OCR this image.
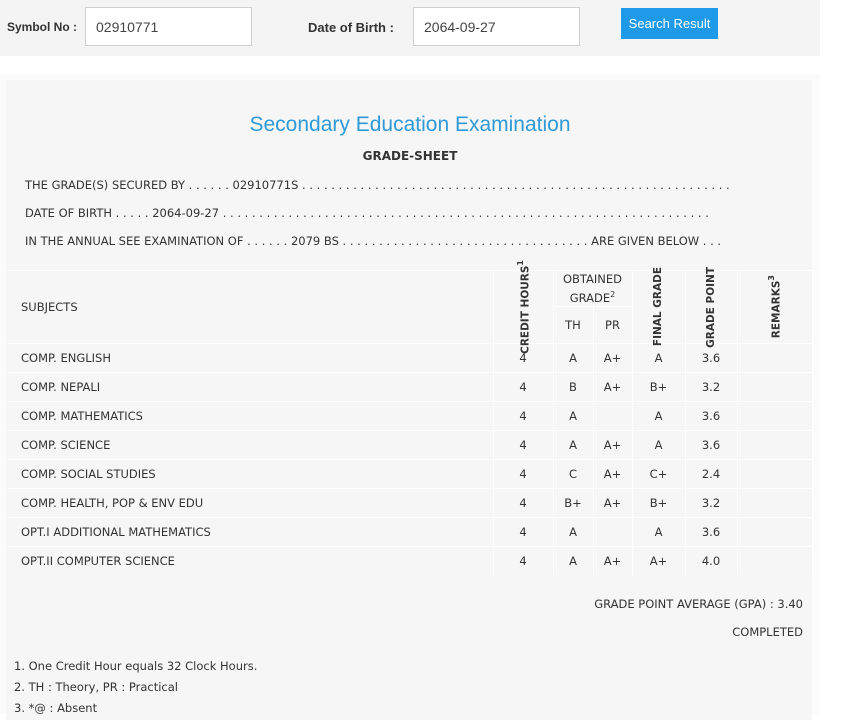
Symbol No :
02910771	Date of Birth :
2064-09-27	Search Result
Secondary Education Examination
GRADE-SHEET
THE GRADE(S) SECURED BY . . . . . . 02910771S . . . . . . . . . . . . . . . . . . . . . . . . . . . . . . . . . . . . . . . . . . . . . . . . . . . . . . . . . . .
DATE OF BIRTH . . . . . 2064-09-27 . . . . . . . . . . . . . . . . . . . . . . . . . . . . . . . . . . . . . . . . . . . . . . . . . . . . . . . . . . . . . . . . . . .
IN THE ANNUAL SEE EXAMINATION OF . . . . . . 2079 BS . . . . . . . . . . . . . . . . . . . . . . . . . . . . . . . . . . ARE GIVEN BELOW . . .
SUBJECTS	CREDIT HOURS$^1$	OBTAINED GRADE$^2$		FINAL GRADE	GRADE POINT	REMARKS$^3$

		TH	PR			
COMP. ENGLISH	4	A	A+	A	3.6	
COMP. NEPALI	4	B	A+	B+	3.2	
COMP. MATHEMATICS	4	A		A	3.6	
COMP. SCIENCE	4	A	A+	A	3.6	
COMP. SOCIAL STUDIES	4	C	A+	C+	2.4	
COMP. HEALTH, POP & ENV EDU	4	B+	A+	B+	3.2	
OPT.I ADDITIONAL MATHEMATICS	4	A		A	3.6	
OPT.II COMPUTER SCIENCE	4	A	A+	A+	4.0	
GRADE POINT AVERAGE (GPA) : 3.40
COMPLETED
1. One Credit Hour equals 32 Clock Hours.
2. TH : Theory, PR : Practical
3. *@ : Absent
